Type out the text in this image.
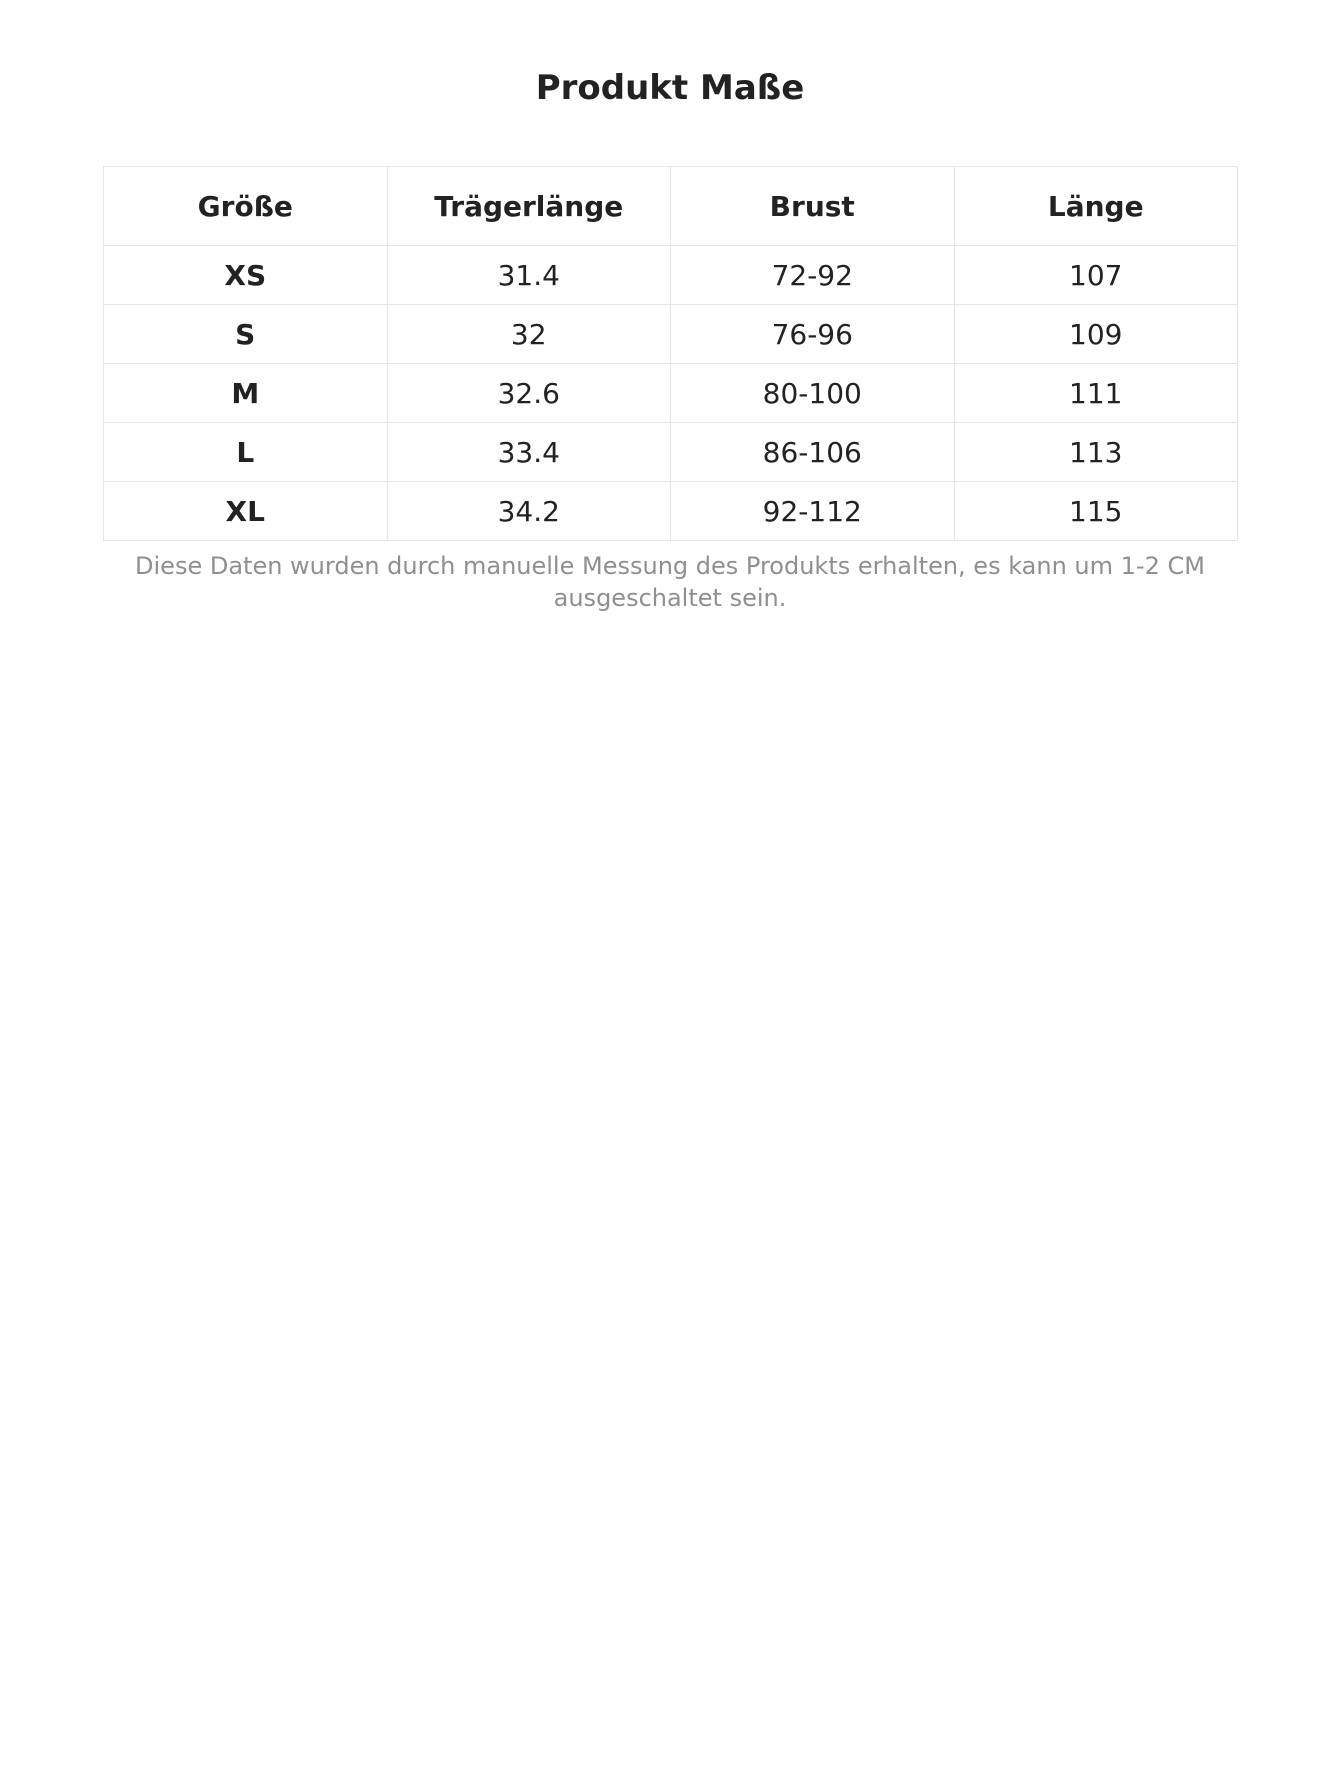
Produkt Maße
Größe	Trägerlänge	Brust	Länge
XS	31.4	72-92	107
S	32	76-96	109
M	32.6	80-100	111
L	33.4	86-106	113
XL	34.2	92-112	115

Diese Daten wurden durch manuelle Messung des Produkts erhalten, es kann um 1-2 CM ausgeschaltet sein.
